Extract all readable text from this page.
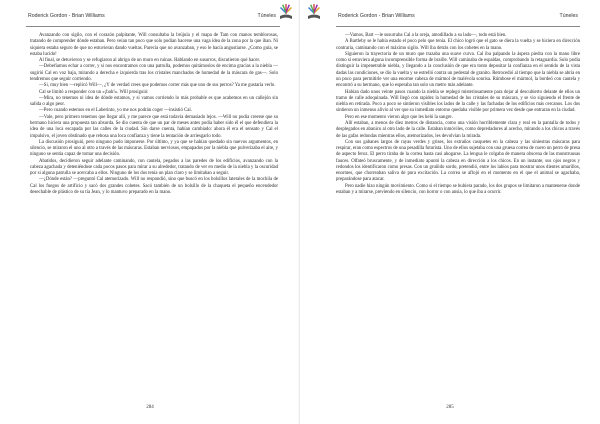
Roderick Gordon - Brian Williams	Túneles

Avanzando con sigilo, con el corazón palpitante, Will consultaba la brújula y el mapa de Tam con manos temblorosas, tratando de comprender dónde estaban. Pero veían tan poco que solo podían hacerse una vaga idea de la zona por la que iban. Ni siquiera estaba seguro de que no estuvieran dando vueltas. Parecía que no avanzaban, y eso le hacía angustiarse. ¿Como guía, se estaba lucido!

Al final, se detuvieron y se refugiaron al abrigo de un muro en ruinas. Hablando en susurros, discutieron qué hacer.

—Debeŕíamos echar a correr, y si nos encontramos con una patrulla, podemos quitárnoslos de encima gracias a la niebla —sugirió Cal en voz baja, mirando a derecha e izquierda tras los cristales manchados de humedad de la máscara de gas—. Solo tendremos que seguir corriendo.

—Si, muy bien —replicó Will—, ¿Y de verdad crees que podemos correr más que uno de sus perros? Ya me gustaría verlo.

Cal se limitó a responder con un «¡bah!». Will prosiguió:

—Mira, no tenemos ni idea de dónde estamos, y si vamos corriendo lo más probable es que acabemos en un callejón sin salida o algo peor.

—Pero cuando estemos en el Laberinto, yo me nos podrán coger —insistió Cal.

—Vale, pero primero tenemos que llegar allí, y me parece que está todavía demasiado lejos. —Will no podía creerse que su hermano hiciera una propuesta tan absurda. Se dio cuenta de que un par de meses antes podía haber sido él el que defendiera la idea de una loca escapada por las calles de la ciudad. Sin darse cuenta, habían cambiado: ahora él era el sensato y Cal el impulsivo, el joven obstinado que rebosa una loca confianza y tiene la tentación de arriesgarlo todo.

La discusión prosiguió, pero ninguno pudo imponerse. Por último, y ya que se habían quedado sin nuevos argumentos, en silencio, se miraron el uno al otro a través de las máscaras. Estaban nerviosos, empapados por la niebla que pulverizaba el aire, y ninguno se sentía capaz de tomar una decisión.

Abatidos, decidieron seguir adelante caminando, con cautela, pegados a las paredes de los edificios, avanzando con la cabeza agachada y deteniéndose cada pocos pasos para mirar a su alrededor, tratando de ver en medio de la niebla y la oscuridad por si alguna patrulla se acercaba a ellos. Ninguno de los dos tenía un plan claro y se limitaban a seguir.

—¿Dónde están? —preguntó Cal atemorizado. Will no respondió, sino que buscó en los bolsillos laterales de la mochila de Cal los fuegos de artificio y sacó dos grandes cohetes. Sacó también de un bolsillo de la chaqueta el pequeño encendedor desechable de plástico de su tía Jean, y lo mantuvo preparado en la mano.

284
Roderick Gordon - Brian Williams	Túneles

—Vamos, Bart —le susurraba Cal a la oreja, amodillado a su lado—, todo está bien.

A Bartleby se le había estado el poco pelo que tenía. El chico logró que el gato se diera la vuelta y se hiciera en dirección contraria, caminando con el máximo sigilo. Will iba detrás con los cohetes en la mano.

Siguieron la trayectoria de un muro que trazaba una suave curva. Cal iba palpando la áspera piedra con la mano libre como si estuviera alguna incomprensible forma de braille. Will caminaba de espaldas, comprobando la retaguardia. Solo podía distinguir la impenetrable niebla, y llegando a la conclusión de que era tonto depositar la confianza en el sentido de la vista dadas las condiciones, se dio la vuelta y se estrelló contra un pedestal de granito. Retrocedió al tiempo que la niebla se abría en un poco para permitirle ver una enorme cabeza de mármol de malévola sonrisa. Rúmbose el mármol, la bordeó con cautela y encontró a su hermano, que lo esperaba tan solo un metro más adelante.

Habían dado unos veinte pasos cuando la niebla se replegó misteriosamente para dejar al descubierto delante de ellos un tramo de calle adoquinada. Will llegó con rapidez la humedad de los cristales de su máscara, y se vio siguiendo el frente de niebla en retirada. Poco a poco se sintieron visibles los lados de la calle y las fachadas de los edificios más cercanos. Los dos sintieron un inmenso alivio al ver que su inmediato entorno quedaba visible por primera vez desde que entraran en la ciudad.

Pero en ese momento vieron algo que les heló la sangre.

Allí estaban, a menos de diez metros de distancia, como una visión horriblemente clara y real en la pantalla de todos y desplegados en abanico al otro lado de la calle. Estaban inmóviles, como depredadores al acecho, mirando a los chicos a través de las gafas redondas mientras ellos, atemorizados, les devolvían la mirada.

Con sus gabanes largos de rayas verdes y grises, los extraños casquetes en la cabeza y las siniestras máscaras para respirar, eran como espectros de una pesadilla futurista. Uno de ellos sujetaba con una gruesa correa de cuero un perro de presa de aspecto feroz. El perro tiraba de la correa hasta casi ahogarse. La lengua le colgaba de manera obscena de las monstruosas fauces. Olfateó bruscamente, y de inmediato apuntó la cabeza en dirección a los chicos. En un instante, sus ojos negros y redondos los identificaron como presas. Con un gruñido sordo, pretendió, entre los labios para mostrar unos dientes amarillos, enormes, que chorreaban saliva de pura excitación. La correa se aflojó en el momento en el que el animal se agachaba, preparándose para atacar.

Pero nadie hizo ningún movimiento. Como si el tiempo se hubiera parado, los dos grupos se limitaron a mantenerse donde estaban y a mirarse, previendo en silencio, con horror o con ansia, lo que iba a ocurrir.

285
